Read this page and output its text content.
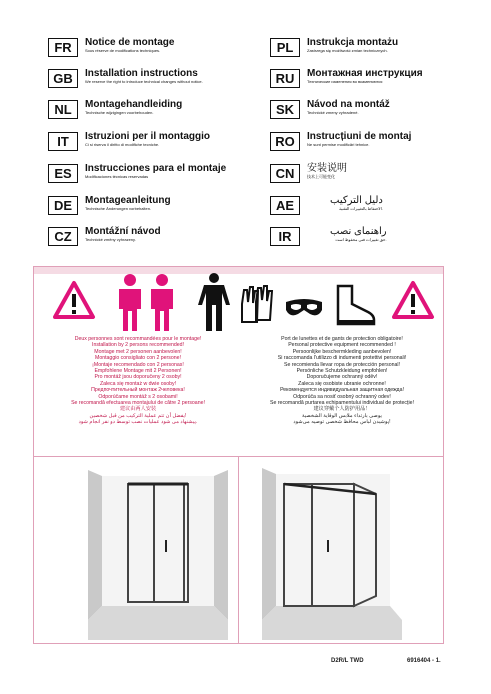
FR	Notice de montage
Sous réserve de modifications techniques.
GB	Installation instructions
We reserve the right to introduce technical changes without notice.
NL	Montagehandleiding
Technische wijzigingen voorbehouden.
IT	Istruzioni per il montaggio
Ci si riserva il diritto di modifiche tecniche.
ES	Instrucciones para el montaje
Modificaciones técnicas reservadas
DE	Montageanleitung
Technische Änderungen vorbehalten.
CZ	Montážní návod
Technické změny vyhrazeny.
PL	Instrukcja montażu
Zastrzega się możliwość zmian technicznych.
RU	Монтажная инструкция
Технические изменения во вкаменяются
SK	Návod na montáž
Technické zmeny vyhradené.
RO	Instrucțiuni de montaj
Ne sunt permise modificări tehnice.
CN	安装说明
技术上可能变化
AE	دليل التركيب
الاحتفاظ بالتغييرات التقنية.
IR	راهنمای نصب
حق تغییرات فنی محفوظ است.
Deux personnes sont recommandées pour le montage!
Installation by 2 persons recommended!
Montage met 2 personen aanbevolen!
Montaggio consigliato con 2 persone!
¡Montaje recomendado con 2 personas!
Empfohlene Montage mit 2 Personen!
Pro montáž jsou doporučeny 2 osoby!
Zaleca się montaż w dwie osoby!
Предпочтительный монтаж 2человека!
Odporúčame montáž s 2 osobami!
Se recomandă efectuarea montajului de către 2 persoane!
建议由两人安装
يفضل أن تتم عملية التركيب من قبل شخصين!
پیشنهاد می شود عملیات نصب توسط دو نفر انجام شود.
Port de lunettes et de gants de protection obligatoire!
Personal protective equipment recommended !
Persoonlijke beschermkleding aanbevolen!
Si raccomanda l'utilizzo di indumenti protettivi personali!
Se recomienda llevar ropa de protección personal!
Persönliche Schutzkleidung empfohlen!
Doporučujeme ochranný oděv!
Zaleca się osobiste ubranie ochronne!
Рекомендуется индивидуальная защитная одежда!
Odporúča sa nosiť osobný ochranný odev!
Se recomandă purtarea echipamentului individual de protecție!
建议穿戴个人防护用品！
يوصى بارتداء ملابس الوقاية الشخصية
پوشیدن لباس محافظ شخصی توصیه می‌شود!
D2R/L TWD	6916404 - 1.
